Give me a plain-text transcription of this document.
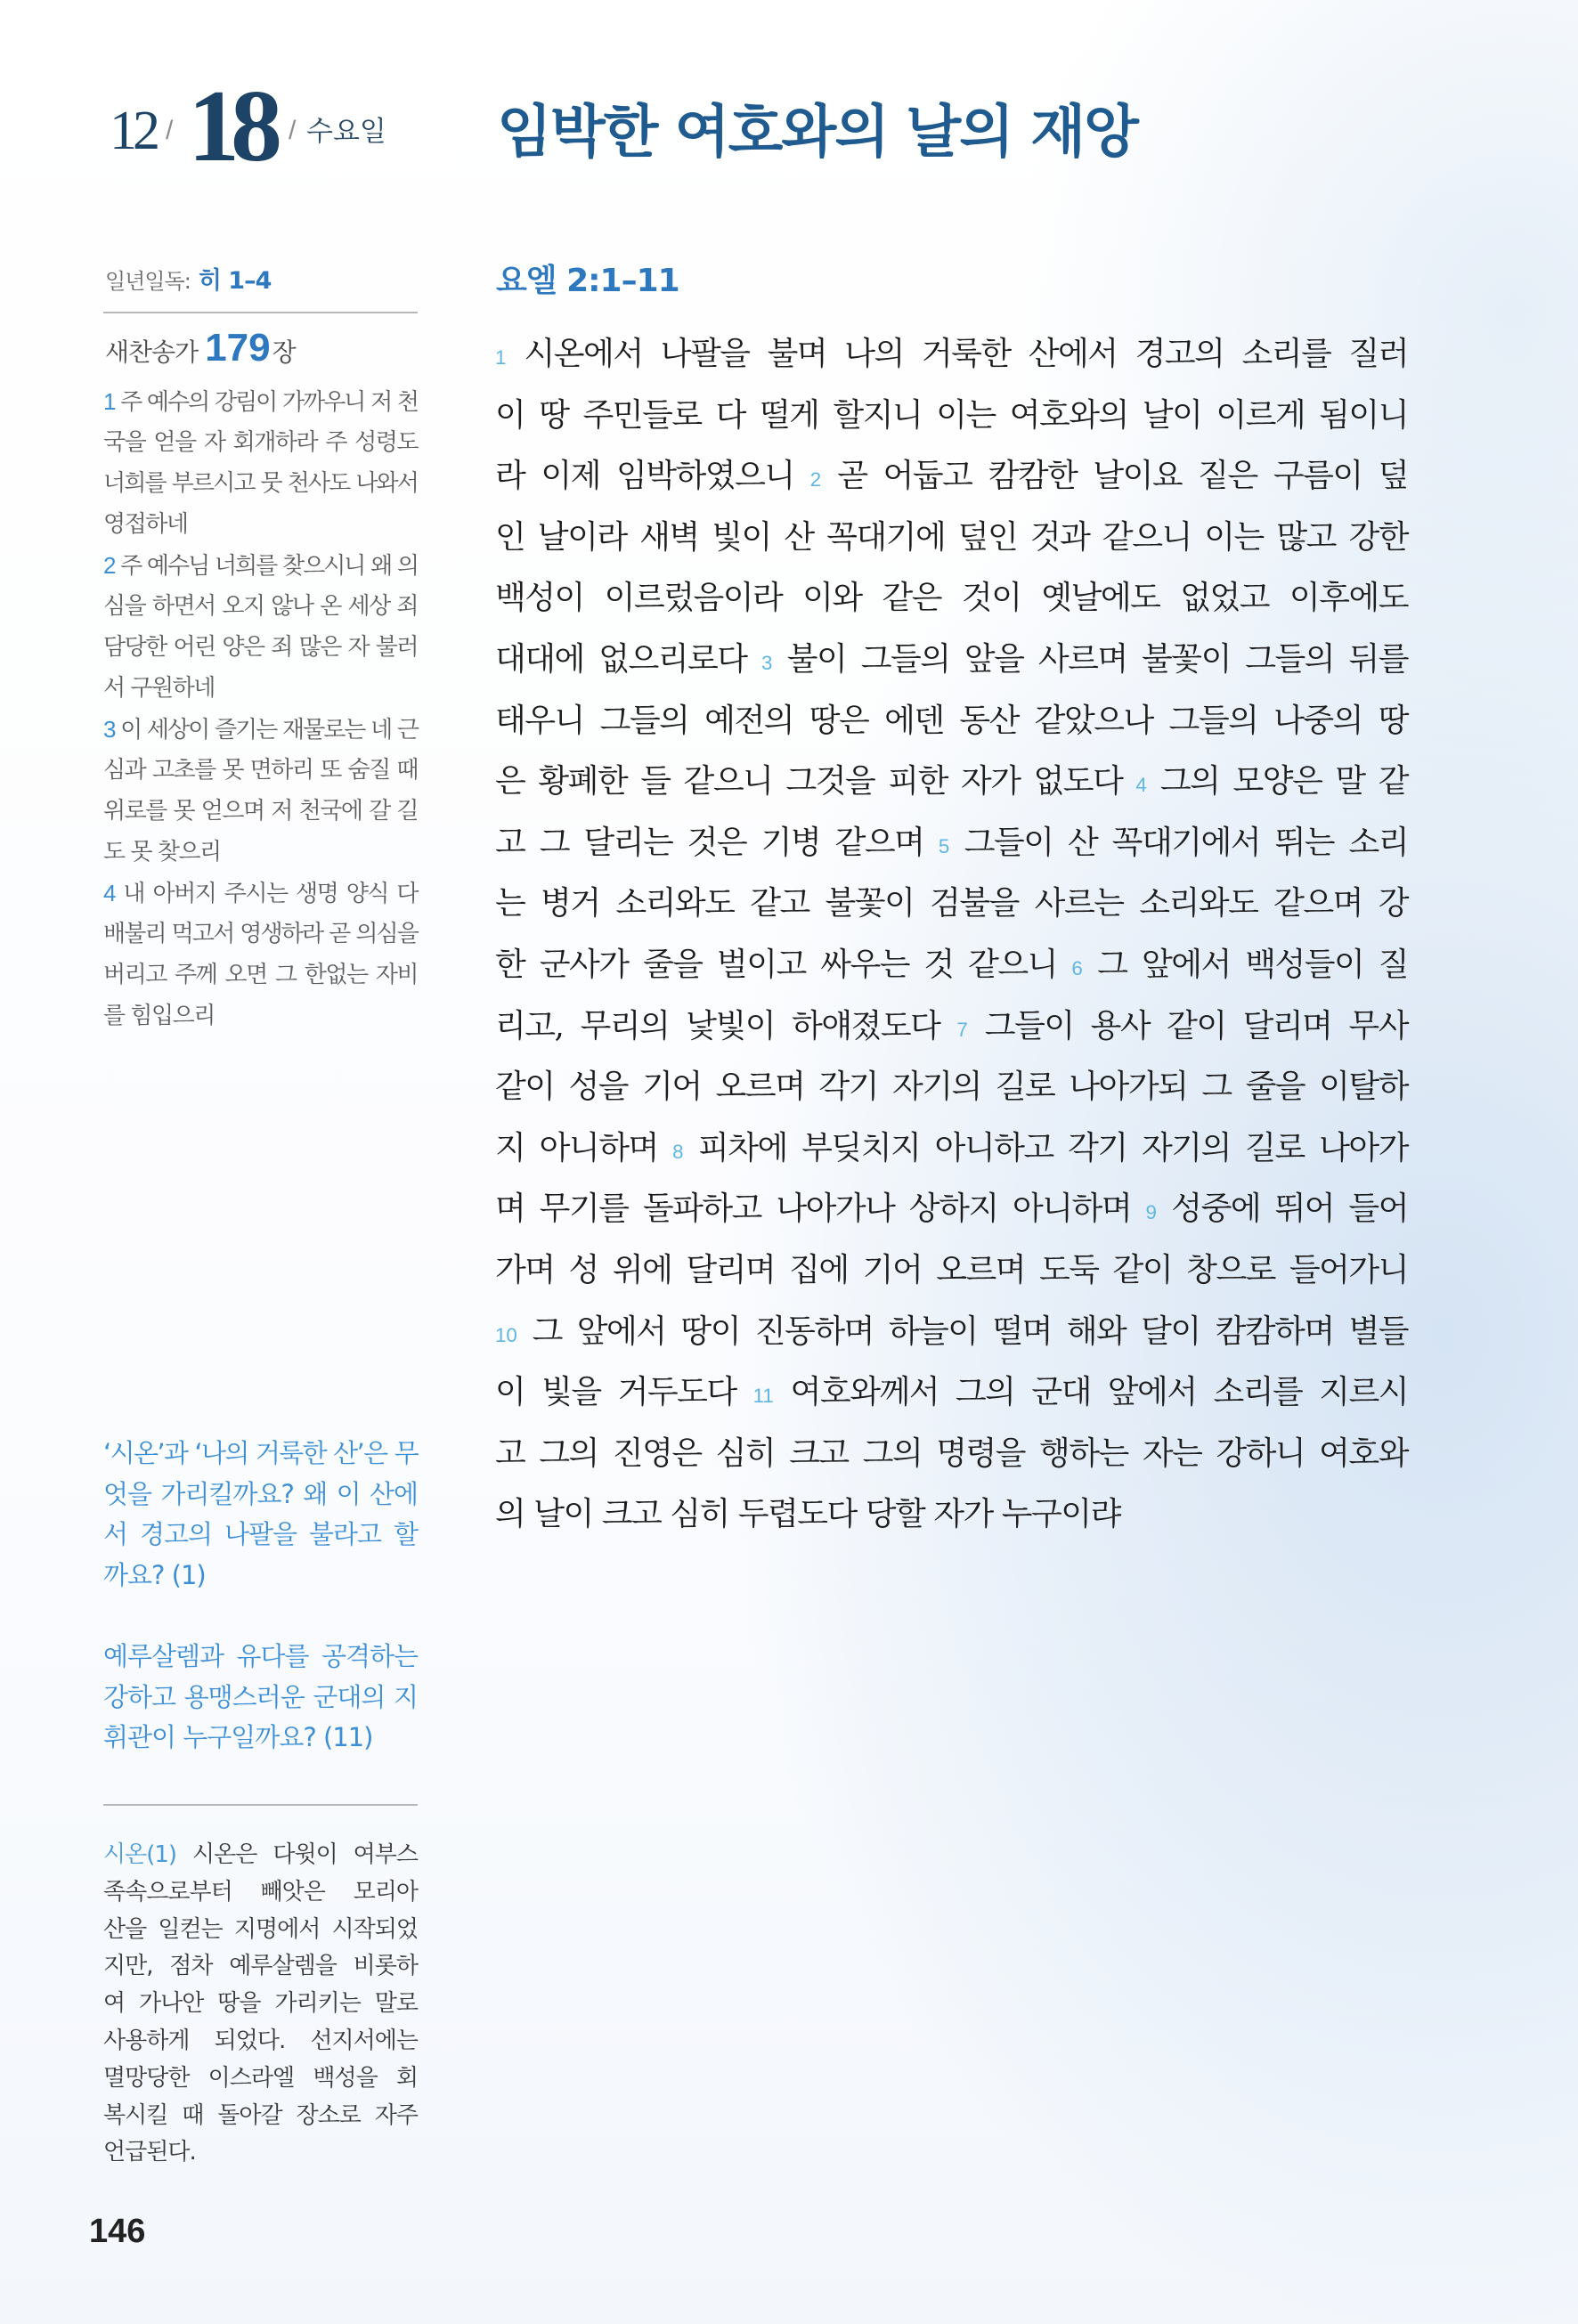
12 / 18 / 수요일 임박한 여호와의 날의 재앙
일년일독: 히 1–4
새찬송가 179 장
1 주 예수의 강림이 가까우니 저 천
국을 얻을 자 회개하라 주 성령도
너희를 부르시고 뭇 천사도 나와서
영접하네
2 주 예수님 너희를 찾으시니 왜 의
심을 하면서 오지 않나 온 세상 죄
담당한 어린 양은 죄 많은 자 불러
서 구원하네
3 이 세상이 즐기는 재물로는 네 근
심과 고초를 못 면하리 또 숨질 때
위로를 못 얻으며 저 천국에 갈 길
도 못 찾으리
4 내 아버지 주시는 생명 양식 다
배불리 먹고서 영생하라 곧 의심을
버리고 주께 오면 그 한없는 자비
를 힘입으리
‘시온’과 ‘나의 거룩한 산’은 무
엇을 가리킬까요? 왜 이 산에
서 경고의 나팔을 불라고 할
까요? (1)
예루살렘과 유다를 공격하는
강하고 용맹스러운 군대의 지
휘관이 누구일까요? (11)
시온(1) 시온은 다윗이 여부스
족속으로부터 빼앗은 모리아
산을 일컫는 지명에서 시작되었
지만, 점차 예루살렘을 비롯하
여 가나안 땅을 가리키는 말로
사용하게 되었다. 선지서에는
멸망당한 이스라엘 백성을 회
복시킬 때 돌아갈 장소로 자주
언급된다.
146
요엘 2:1–11
1 시온에서 나팔을 불며 나의 거룩한 산에서 경고의 소리를 질러
이 땅 주민들로 다 떨게 할지니 이는 여호와의 날이 이르게 됨이니
라 이제 임박하였으니 2 곧 어둡고 캄캄한 날이요 짙은 구름이 덮
인 날이라 새벽 빛이 산 꼭대기에 덮인 것과 같으니 이는 많고 강한
백성이 이르렀음이라 이와 같은 것이 옛날에도 없었고 이후에도
대대에 없으리로다 3 불이 그들의 앞을 사르며 불꽃이 그들의 뒤를
태우니 그들의 예전의 땅은 에덴 동산 같았으나 그들의 나중의 땅
은 황폐한 들 같으니 그것을 피한 자가 없도다 4 그의 모양은 말 같
고 그 달리는 것은 기병 같으며 5 그들이 산 꼭대기에서 뛰는 소리
는 병거 소리와도 같고 불꽃이 검불을 사르는 소리와도 같으며 강
한 군사가 줄을 벌이고 싸우는 것 같으니 6 그 앞에서 백성들이 질
리고, 무리의 낯빛이 하얘졌도다 7 그들이 용사 같이 달리며 무사
같이 성을 기어 오르며 각기 자기의 길로 나아가되 그 줄을 이탈하
지 아니하며 8 피차에 부딪치지 아니하고 각기 자기의 길로 나아가
며 무기를 돌파하고 나아가나 상하지 아니하며 9 성중에 뛰어 들어
가며 성 위에 달리며 집에 기어 오르며 도둑 같이 창으로 들어가니
10 그 앞에서 땅이 진동하며 하늘이 떨며 해와 달이 캄캄하며 별들
이 빛을 거두도다 11 여호와께서 그의 군대 앞에서 소리를 지르시
고 그의 진영은 심히 크고 그의 명령을 행하는 자는 강하니 여호와
의 날이 크고 심히 두렵도다 당할 자가 누구이랴
